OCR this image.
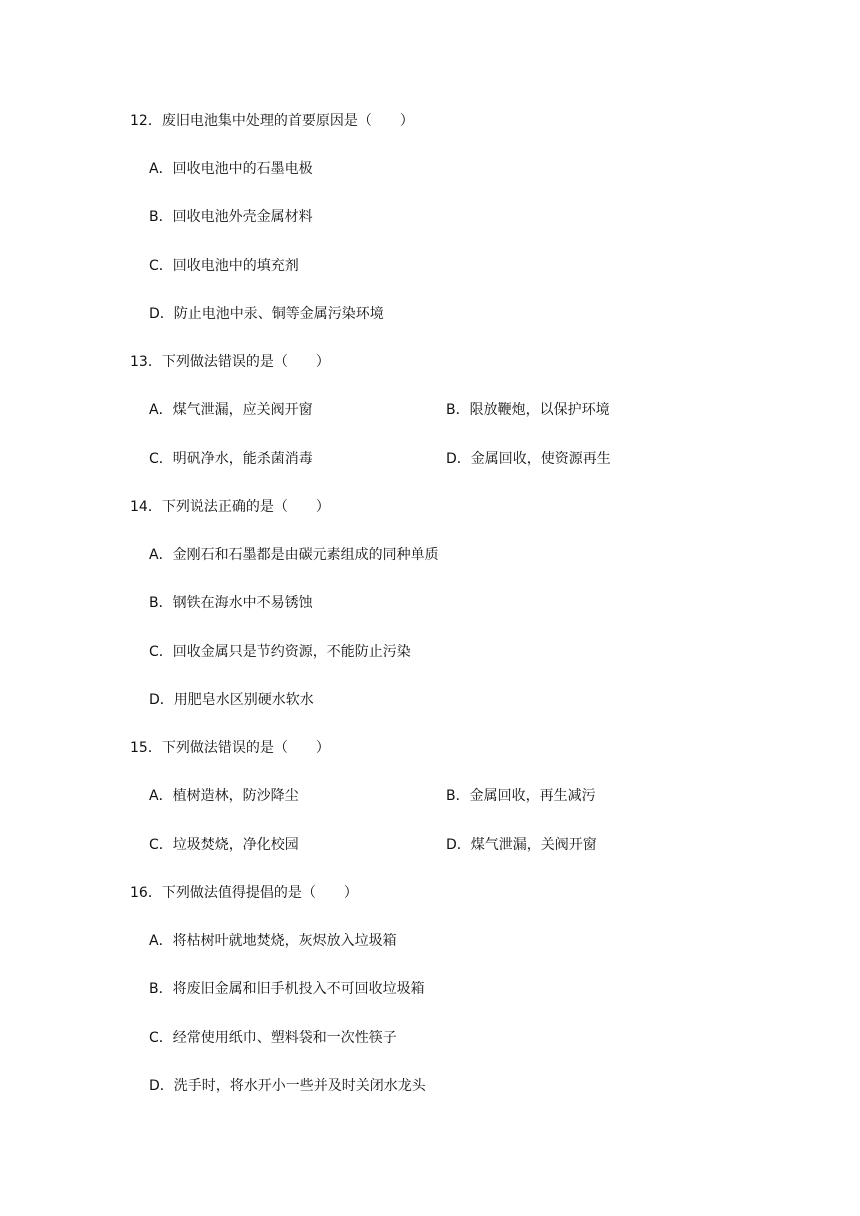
12．废旧电池集中处理的首要原因是（　　）
A．回收电池中的石墨电极
B．回收电池外壳金属材料
C．回收电池中的填充剂
D．防止电池中汞、铜等金属污染环境
13．下列做法错误的是（　　）
A．煤气泄漏，应关阀开窗	B．限放鞭炮，以保护环境
C．明矾净水，能杀菌消毒	D．金属回收，使资源再生
14．下列说法正确的是（　　）
A．金刚石和石墨都是由碳元素组成的同种单质
B．钢铁在海水中不易锈蚀
C．回收金属只是节约资源，不能防止污染
D．用肥皂水区别硬水软水
15．下列做法错误的是（　　）
A．植树造林，防沙降尘	B．金属回收，再生减污
C．垃圾焚烧，净化校园	D．煤气泄漏，关阀开窗
16．下列做法值得提倡的是（　　）
A．将枯树叶就地焚烧，灰烬放入垃圾箱
B．将废旧金属和旧手机投入不可回收垃圾箱
C．经常使用纸巾、塑料袋和一次性筷子
D．洗手时，将水开小一些并及时关闭水龙头
